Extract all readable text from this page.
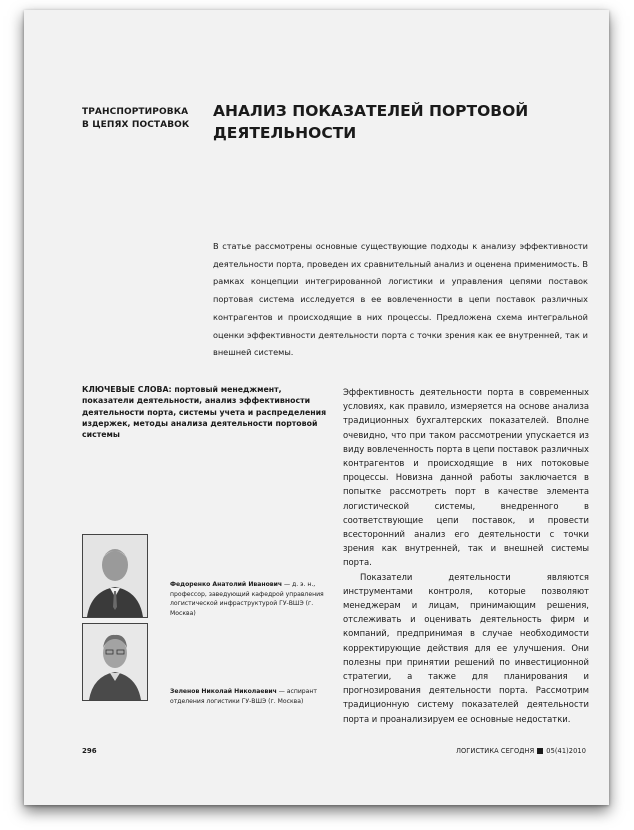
ТРАНСПОРТИРОВКА В ЦЕПЯХ ПОСТАВОК
АНАЛИЗ ПОКАЗАТЕЛЕЙ ПОРТОВОЙ ДЕЯТЕЛЬНОСТИ
В статье рассмотрены основные существующие подходы к анализу эффективности деятельности порта, проведен их сравнительный анализ и оценена применимость. В рамках концепции интегрированной логистики и управления цепями поставок портовая система исследуется в ее вовлеченности в цепи поставок различных контрагентов и происходящие в них процессы. Предложена схема интегральной оценки эффективности деятельности порта с точки зрения как ее внутренней, так и внешней системы.
КЛЮЧЕВЫЕ СЛОВА: портовый менеджмент, показатели деятельности, анализ эффективности деятельности порта, системы учета и распределения издержек, методы анализа деятельности портовой системы
Федоренко Анатолий Иванович — д. э. н., профессор, заведующий кафедрой управления логистической инфраструктурой ГУ-ВШЭ (г. Москва)
Зеленов Николай Николаевич — аспирант отделения логистики ГУ-ВШЭ (г. Москва)

Эффективность деятельности порта в современных условиях, как правило, измеряется на основе анализа традиционных бухгалтерских показателей. Вполне очевидно, что при таком рассмотрении упускается из виду вовлеченность порта в цепи поставок различных контрагентов и происходящие в них потоковые процессы. Новизна данной работы заключается в попытке рассмотреть порт в качестве элемента логистической системы, внедренного в соответствующие цепи поставок, и провести всесторонний анализ его деятельности с точки зрения как внутренней, так и внешней системы порта.

Показатели деятельности являются инструментами контроля, которые позволяют менеджерам и лицам, принимающим решения, отслеживать и оценивать деятельность фирм и компаний, предпринимая в случае необходимости корректирующие действия для ее улучшения. Они полезны при принятии решений по инвестиционной стратегии, а также для планирования и прогнозирования деятельности порта. Рассмотрим традиционную систему показателей деятельности порта и проанализируем ее основные недостатки.

296	ЛОГИСТИКА СЕГОДНЯ 05(41)2010
